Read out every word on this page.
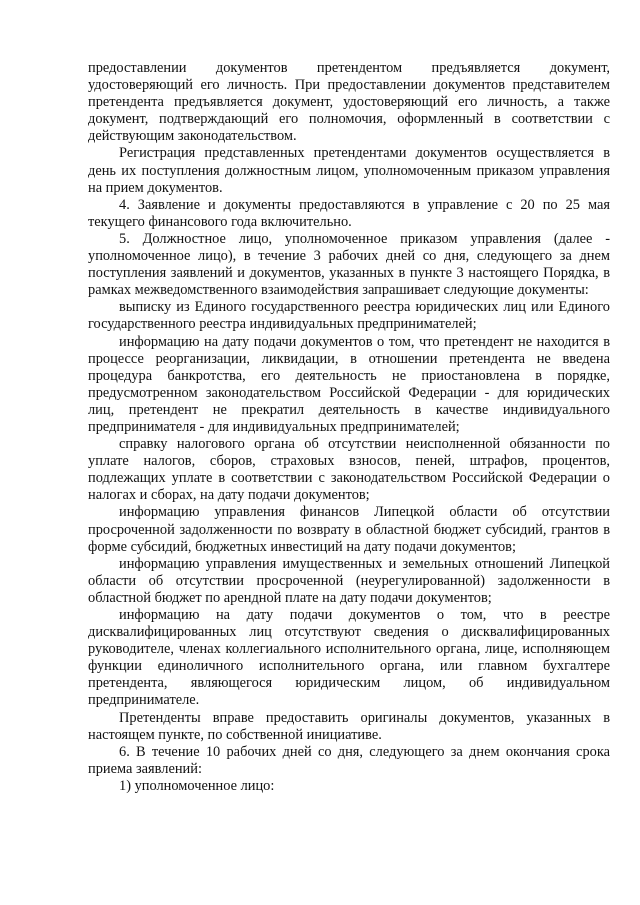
предоставлении документов претендентом предъявляется документ, удостоверяющий его личность. При предоставлении документов представителем претендента предъявляется документ, удостоверяющий его личность, а также документ, подтверждающий его полномочия, оформленный в соответствии с действующим законодательством.

Регистрация представленных претендентами документов осуществляется в день их поступления должностным лицом, уполномоченным приказом управления на прием документов.

4. Заявление и документы предоставляются в управление с 20 по 25 мая текущего финансового года включительно.

5. Должностное лицо, уполномоченное приказом управления (далее - уполномоченное лицо), в течение 3 рабочих дней со дня, следующего за днем поступления заявлений и документов, указанных в пункте 3 настоящего Порядка, в рамках межведомственного взаимодействия запрашивает следующие документы:

выписку из Единого государственного реестра юридических лиц или Единого государственного реестра индивидуальных предпринимателей;

информацию на дату подачи документов о том, что претендент не находится в процессе реорганизации, ликвидации, в отношении претендента не введена процедура банкротства, его деятельность не приостановлена в порядке, предусмотренном законодательством Российской Федерации - для юридических лиц, претендент не прекратил деятельность в качестве индивидуального предпринимателя - для индивидуальных предпринимателей;

справку налогового органа об отсутствии неисполненной обязанности по уплате налогов, сборов, страховых взносов, пеней, штрафов, процентов, подлежащих уплате в соответствии с законодательством Российской Федерации о налогах и сборах, на дату подачи документов;

информацию управления финансов Липецкой области об отсутствии просроченной задолженности по возврату в областной бюджет субсидий, грантов в форме субсидий, бюджетных инвестиций на дату подачи документов;

информацию управления имущественных и земельных отношений Липецкой области об отсутствии просроченной (неурегулированной) задолженности в областной бюджет по арендной плате на дату подачи документов;

информацию на дату подачи документов о том, что в реестре дисквалифицированных лиц отсутствуют сведения о дисквалифицированных руководителе, членах коллегиального исполнительного органа, лице, исполняющем функции единоличного исполнительного органа, или главном бухгалтере претендента, являющегося юридическим лицом, об индивидуальном предпринимателе.

Претенденты вправе предоставить оригиналы документов, указанных в настоящем пункте, по собственной инициативе.

6. В течение 10 рабочих дней со дня, следующего за днем окончания срока приема заявлений:

1) уполномоченное лицо:
